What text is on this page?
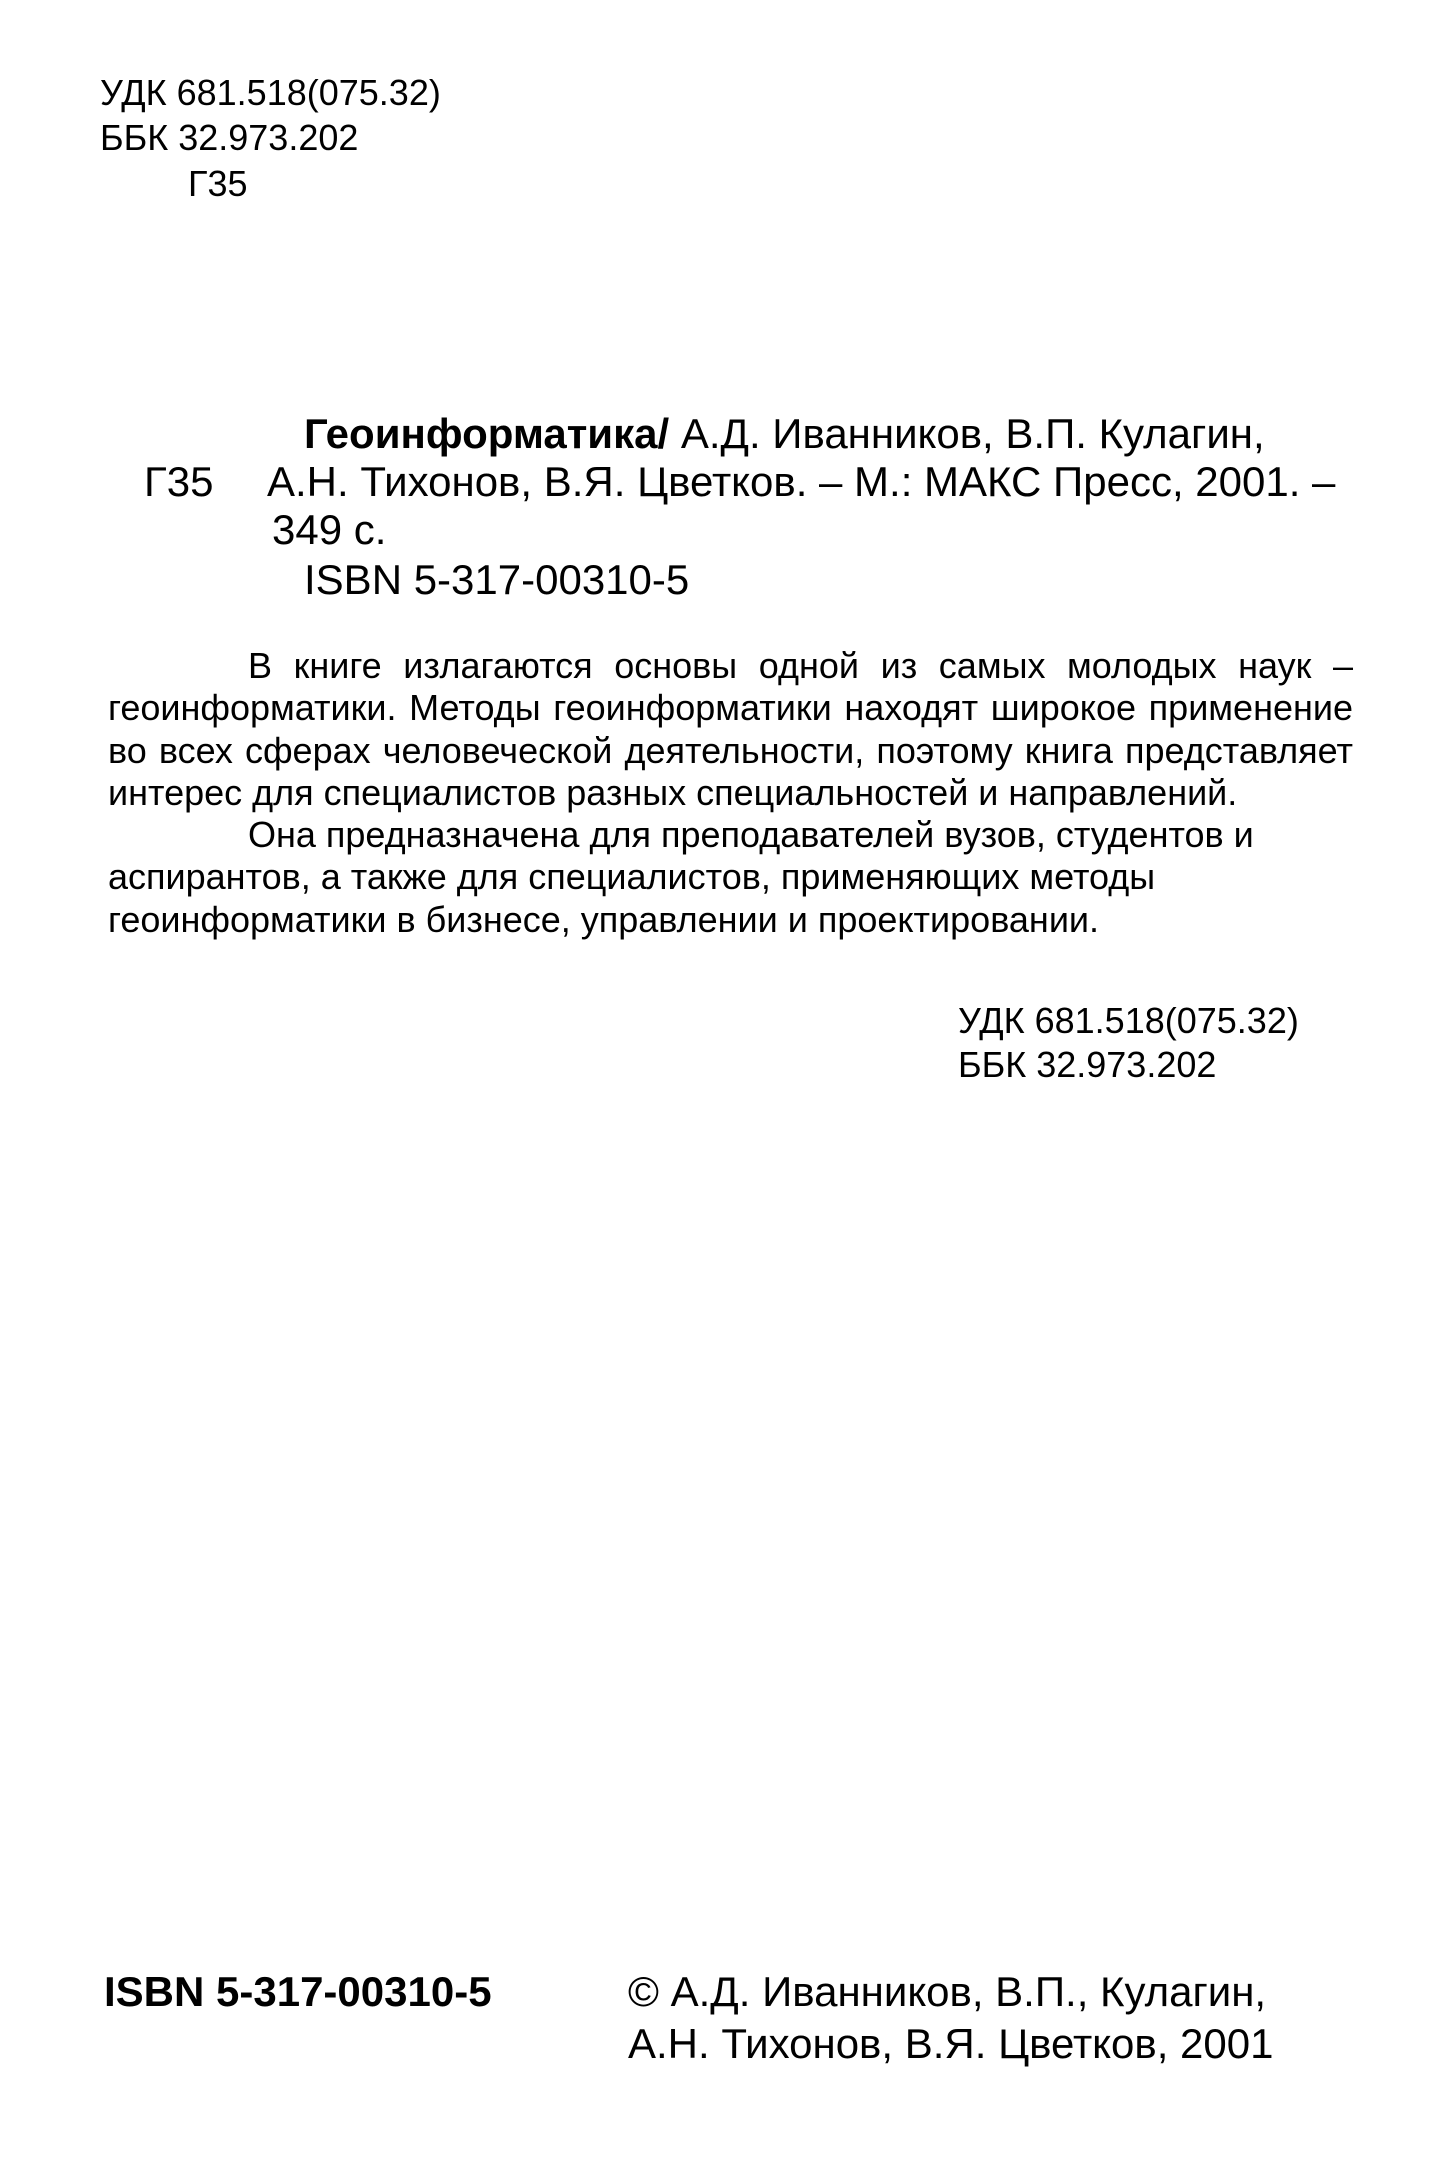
УДК 681.518(075.32)
ББК 32.973.202
Г35
Г35
Геоинформатика/ А.Д. Иванников, В.П. Кулагин,
А.Н. Тихонов, В.Я. Цветков. – М.: МАКС Пресс, 2001. –
349 с.
ISBN 5-317-00310-5

В книге излагаются основы одной из самых молодых наук – геоинформатики. Методы геоинформатики находят широкое применение во всех сферах человеческой деятельности, поэтому книга представляет интерес для специалистов разных специальностей и направлений.

Она предназначена для преподавателей вузов, студентов и аспирантов, а также для специалистов, применяющих методы геоинформатики в бизнесе, управлении и проектировании.

УДК 681.518(075.32)
ББК 32.973.202
ISBN 5-317-00310-5	© А.Д. Иванников, В.П., Кулагин,
А.Н. Тихонов, В.Я. Цветков, 2001
